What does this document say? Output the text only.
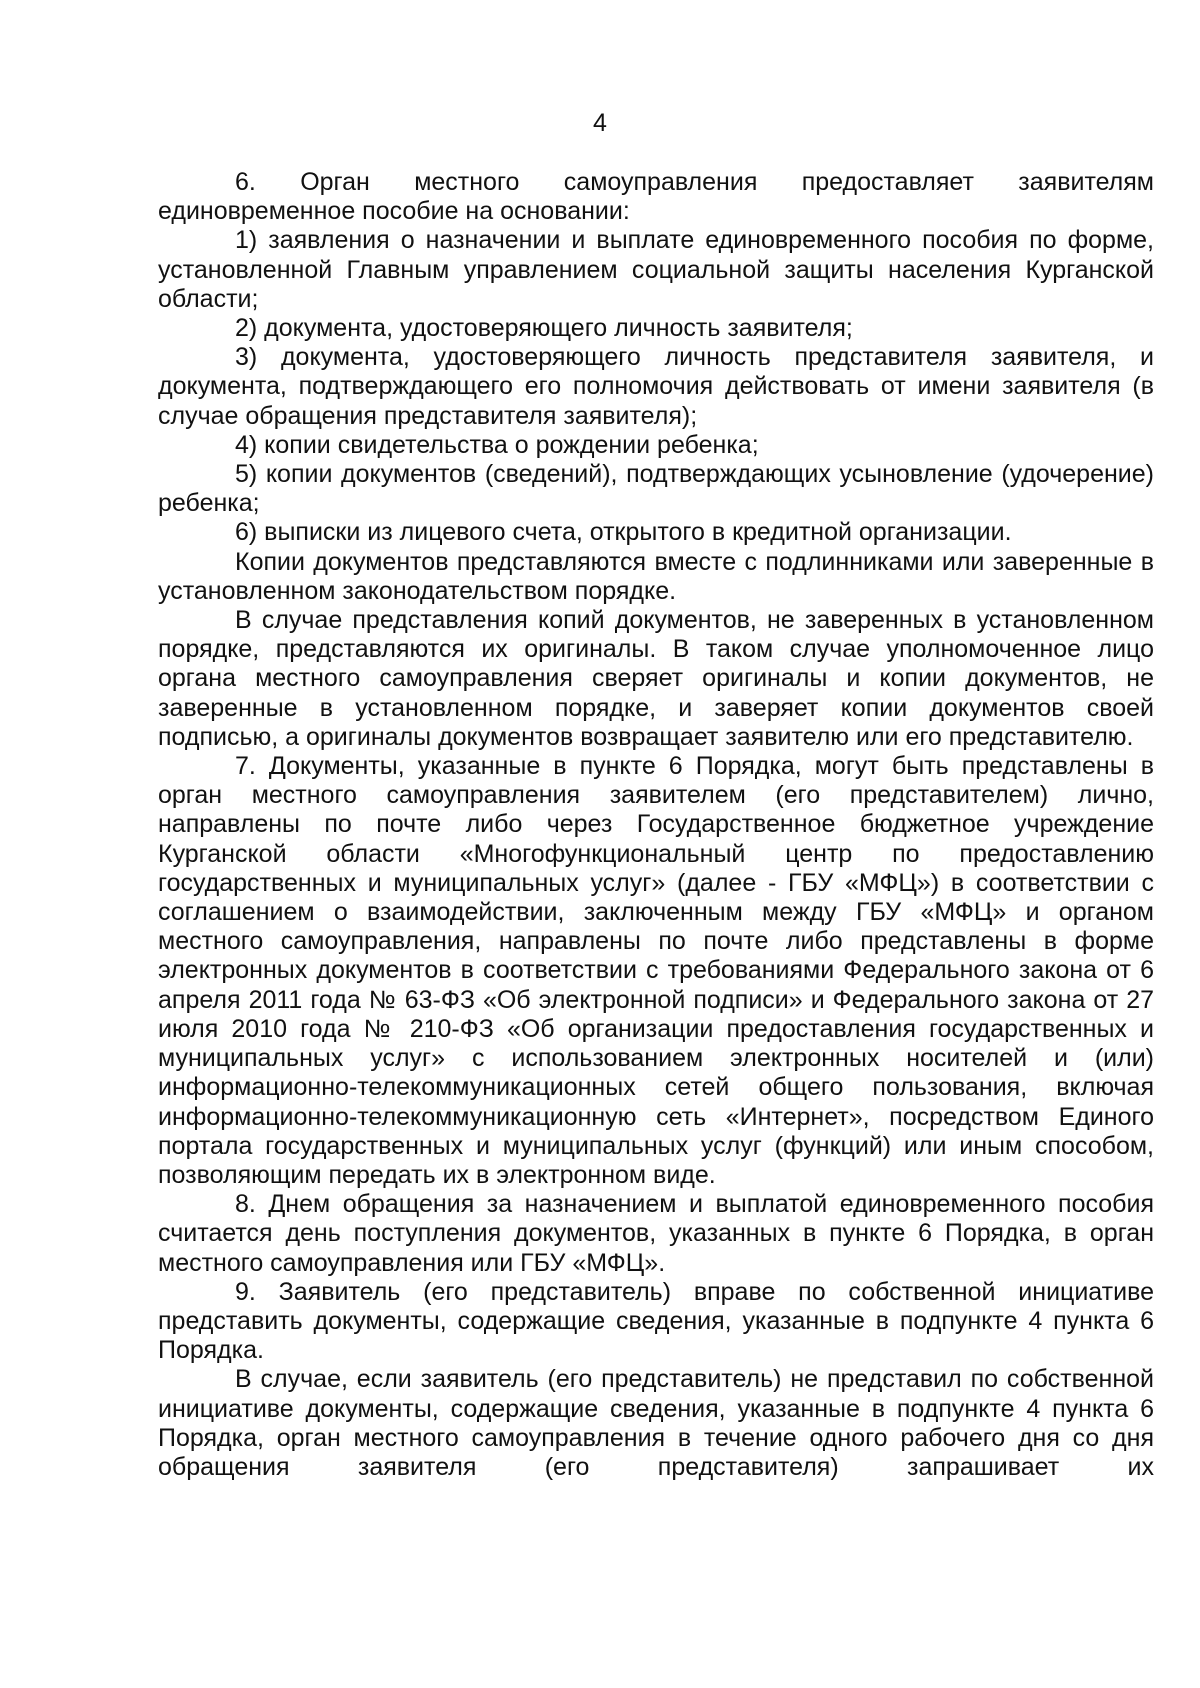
4

6. Орган местного самоуправления предоставляет заявителям единовременное пособие на основании:

1) заявления о назначении и выплате единовременного пособия по форме, установленной Главным управлением социальной защиты населения Курганской области;

2) документа, удостоверяющего личность заявителя;

3) документа, удостоверяющего личность представителя заявителя, и документа, подтверждающего его полномочия действовать от имени заявителя (в случае обращения представителя заявителя);

4) копии свидетельства о рождении ребенка;

5) копии документов (сведений), подтверждающих усыновление (удочерение) ребенка;

6) выписки из лицевого счета, открытого в кредитной организации.

Копии документов представляются вместе с подлинниками или заверенные в установленном законодательством порядке.

В случае представления копий документов, не заверенных в установленном порядке, представляются их оригиналы. В таком случае уполномоченное лицо органа местного самоуправления сверяет оригиналы и копии документов, не заверенные в установленном порядке, и заверяет копии документов своей подписью, а оригиналы документов возвращает заявителю или его представителю.

7. Документы, указанные в пункте 6 Порядка, могут быть представлены в орган местного самоуправления заявителем (его представителем) лично, направлены по почте либо через Государственное бюджетное учреждение Курганской области «Многофункциональный центр по предоставлению государственных и муниципальных услуг» (далее - ГБУ «МФЦ») в соответствии с соглашением о взаимодействии, заключенным между ГБУ «МФЦ» и органом местного самоуправления, направлены по почте либо представлены в форме электронных документов в соответствии с требованиями Федерального закона от 6 апреля 2011 года № 63-ФЗ «Об электронной подписи» и Федерального закона от 27 июля 2010 года № 210-ФЗ «Об организации предоставления государственных и муниципальных услуг» с использованием электронных носителей и (или) информационно-телекоммуникационных сетей общего пользования, включая информационно-телекоммуникационную сеть «Интернет», посредством Единого портала государственных и муниципальных услуг (функций) или иным способом, позволяющим передать их в электронном виде.

8. Днем обращения за назначением и выплатой единовременного пособия считается день поступления документов, указанных в пункте 6 Порядка, в орган местного самоуправления или ГБУ «МФЦ».

9. Заявитель (его представитель) вправе по собственной инициативе представить документы, содержащие сведения, указанные в подпункте 4 пункта 6 Порядка.

В случае, если заявитель (его представитель) не представил по собственной инициативе документы, содержащие сведения, указанные в подпункте 4 пункта 6 Порядка, орган местного самоуправления в течение одного рабочего дня со дня обращения заявителя (его представителя) запрашивает их
